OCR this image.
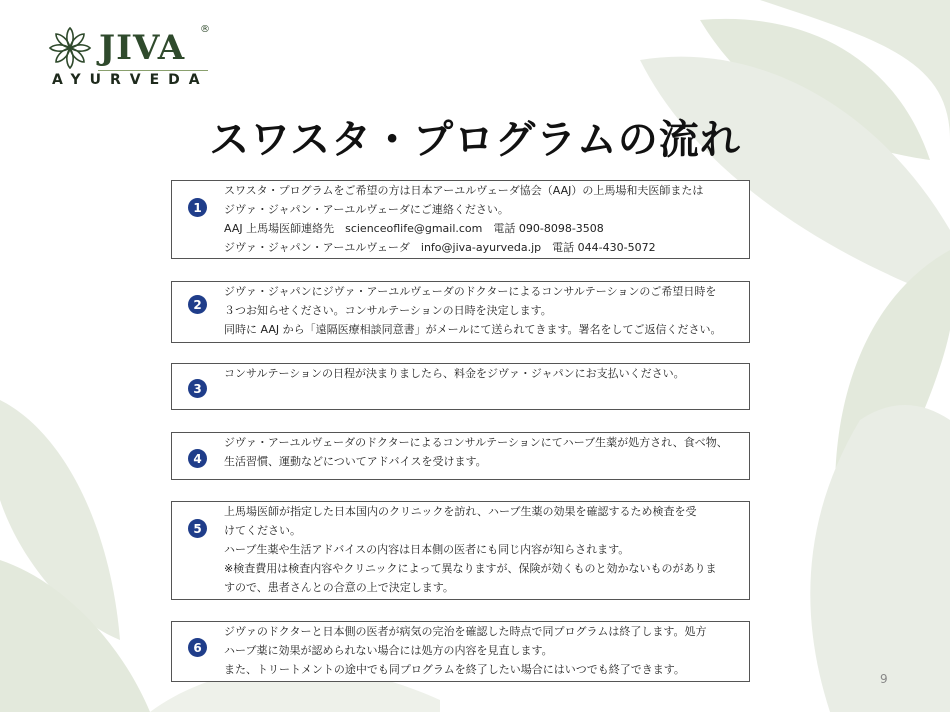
JIVA ®
AYURVEDA
スワスタ・プログラムの流れ
1
スワスタ・プログラムをご希望の方は日本アーユルヴェーダ協会（AAJ）の上馬場和夫医師または
ジヴァ・ジャパン・アーユルヴェーダにご連絡ください。
AAJ 上馬場医師連絡先　scienceoflife@gmail.com　電話 090-8098-3508
ジヴァ・ジャパン・アーユルヴェーダ　info@jiva-ayurveda.jp　電話 044-430-5072
2
ジヴァ・ジャパンにジヴァ・アーユルヴェーダのドクターによるコンサルテーションのご希望日時を
３つお知らせください。コンサルテーションの日時を決定します。
同時に AAJ から「遠隔医療相談同意書」がメールにて送られてきます。署名をしてご返信ください。
3
コンサルテーションの日程が決まりましたら、料金をジヴァ・ジャパンにお支払いください。
4
ジヴァ・アーユルヴェーダのドクターによるコンサルテーションにてハーブ生薬が処方され、食べ物、
生活習慣、運動などについてアドバイスを受けます。
5
上馬場医師が指定した日本国内のクリニックを訪れ、ハーブ生薬の効果を確認するため検査を受
けてください。
ハーブ生薬や生活アドバイスの内容は日本側の医者にも同じ内容が知らされます。
※検査費用は検査内容やクリニックによって異なりますが、保険が効くものと効かないものがありま
すので、患者さんとの合意の上で決定します。
6
ジヴァのドクターと日本側の医者が病気の完治を確認した時点で同プログラムは終了します。処方
ハーブ薬に効果が認められない場合には処方の内容を見直します。
また、トリートメントの途中でも同プログラムを終了したい場合にはいつでも終了できます。
9
